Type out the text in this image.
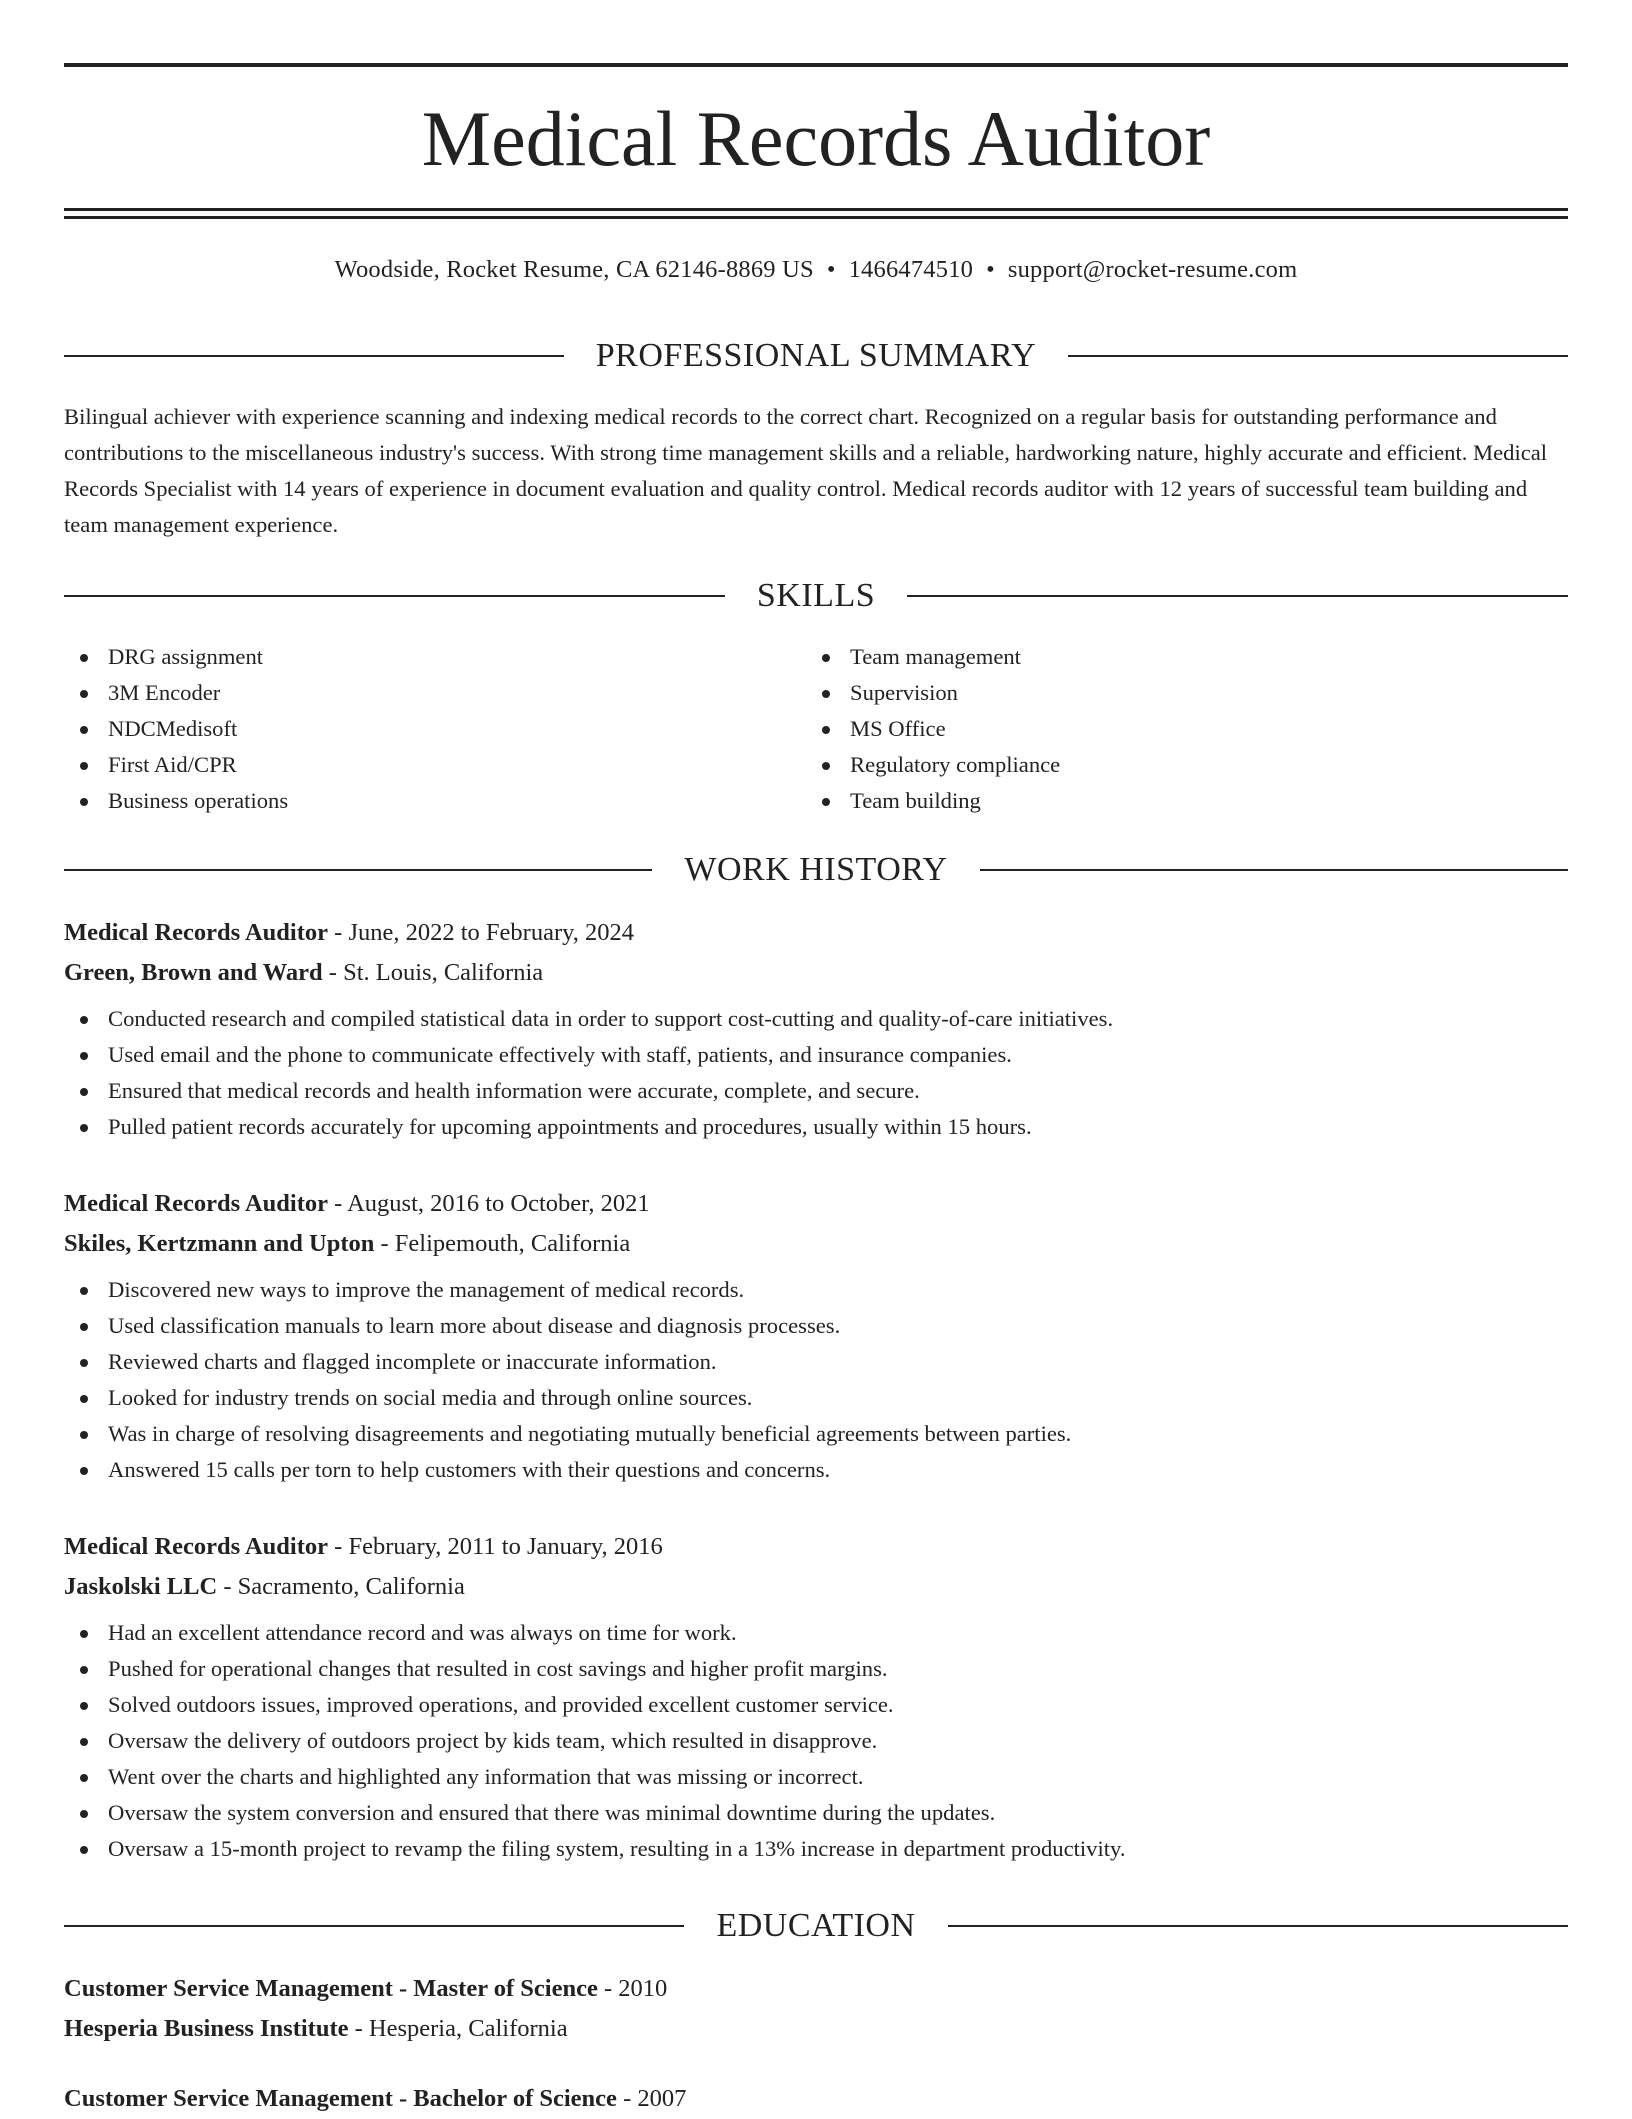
Medical Records Auditor
Woodside, Rocket Resume, CA 62146-8869 US • 1466474510 • support@rocket-resume.com
PROFESSIONAL SUMMARY

Bilingual achiever with experience scanning and indexing medical records to the correct chart. Recognized on a regular basis for outstanding performance and contributions to the miscellaneous industry's success. With strong time management skills and a reliable, hardworking nature, highly accurate and efficient. Medical Records Specialist with 14 years of experience in document evaluation and quality control. Medical records auditor with 12 years of successful team building and team management experience.

SKILLS
DRG assignment
3M Encoder
NDCMedisoft
First Aid/CPR
Business operations
Team management
Supervision
MS Office
Regulatory compliance
Team building
WORK HISTORY
Medical Records Auditor - June, 2022 to February, 2024
Green, Brown and Ward - St. Louis, California
Conducted research and compiled statistical data in order to support cost-cutting and quality-of-care initiatives.
Used email and the phone to communicate effectively with staff, patients, and insurance companies.
Ensured that medical records and health information were accurate, complete, and secure.
Pulled patient records accurately for upcoming appointments and procedures, usually within 15 hours.
Medical Records Auditor - August, 2016 to October, 2021
Skiles, Kertzmann and Upton - Felipemouth, California
Discovered new ways to improve the management of medical records.
Used classification manuals to learn more about disease and diagnosis processes.
Reviewed charts and flagged incomplete or inaccurate information.
Looked for industry trends on social media and through online sources.
Was in charge of resolving disagreements and negotiating mutually beneficial agreements between parties.
Answered 15 calls per torn to help customers with their questions and concerns.
Medical Records Auditor - February, 2011 to January, 2016
Jaskolski LLC - Sacramento, California
Had an excellent attendance record and was always on time for work.
Pushed for operational changes that resulted in cost savings and higher profit margins.
Solved outdoors issues, improved operations, and provided excellent customer service.
Oversaw the delivery of outdoors project by kids team, which resulted in disapprove.
Went over the charts and highlighted any information that was missing or incorrect.
Oversaw the system conversion and ensured that there was minimal downtime during the updates.
Oversaw a 15-month project to revamp the filing system, resulting in a 13% increase in department productivity.
EDUCATION
Customer Service Management - Master of Science - 2010
Hesperia Business Institute - Hesperia, California
Customer Service Management - Bachelor of Science - 2007
